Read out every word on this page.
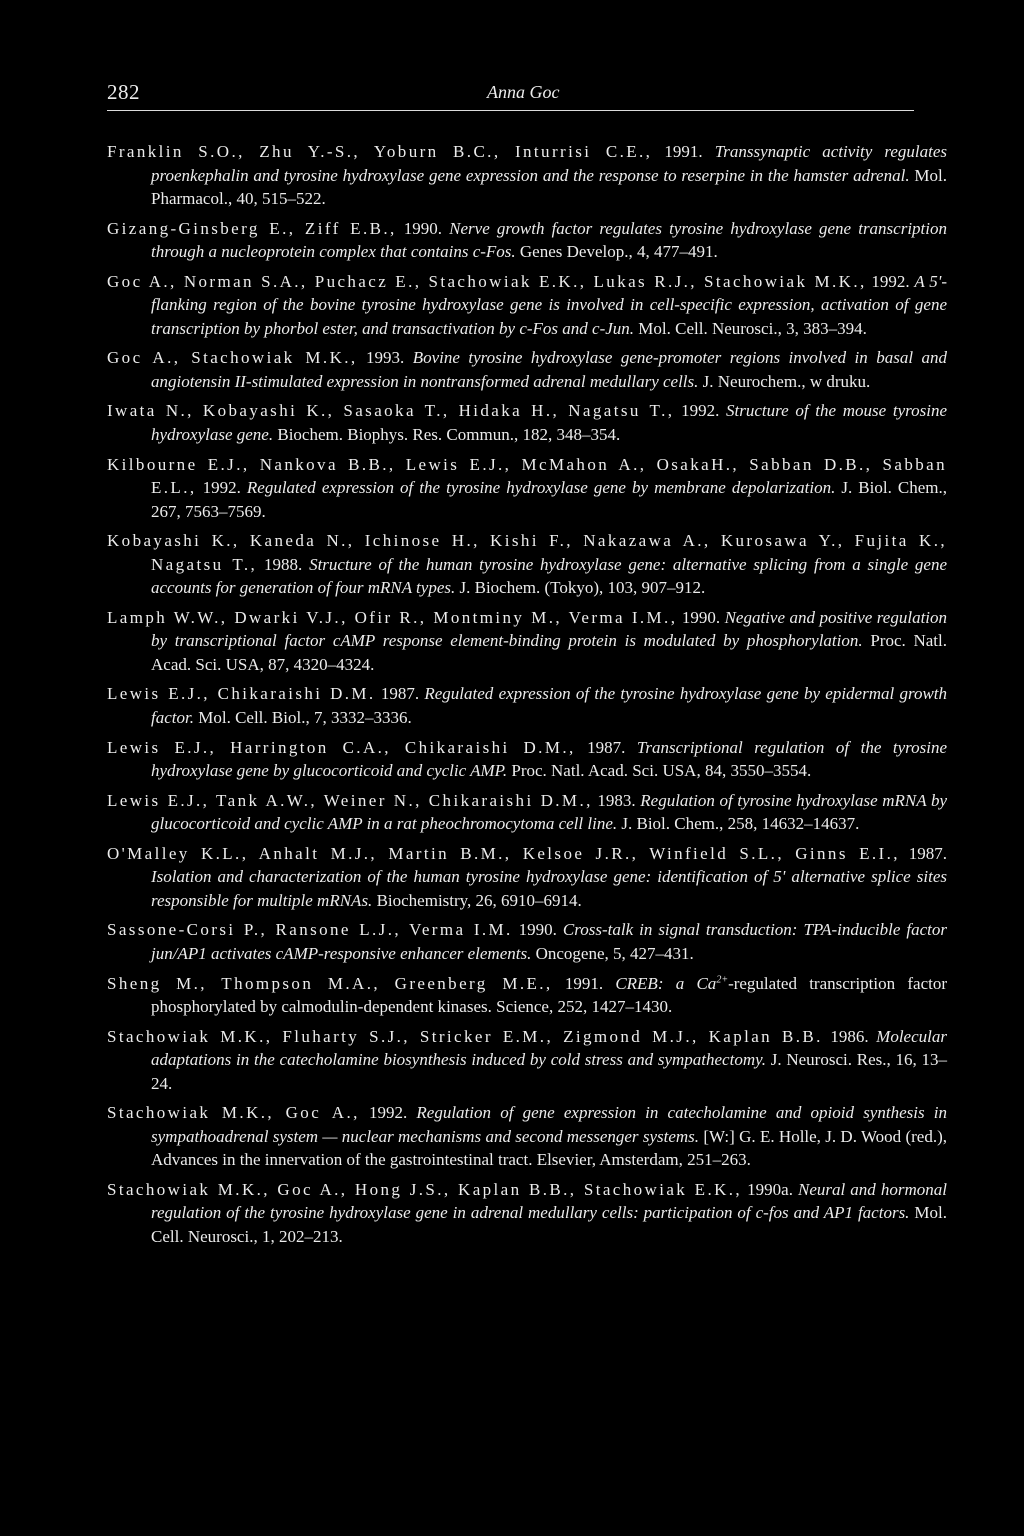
282	Anna Goc

Franklin S.O., Zhu Y.-S., Yoburn B.C., Inturrisi C.E., 1991. Transsynaptic activity regulates proenkephalin and tyrosine hydroxylase gene expression and the response to reserpine in the hamster adrenal. Mol. Pharmacol., 40, 515–522.

Gizang-Ginsberg E., Ziff E.B., 1990. Nerve growth factor regulates tyrosine hydroxylase gene transcription through a nucleoprotein complex that contains c-Fos. Genes Develop., 4, 477–491.

Goc A., Norman S.A., Puchacz E., Stachowiak E.K., Lukas R.J., Stachowiak M.K., 1992. A 5'-flanking region of the bovine tyrosine hydroxylase gene is involved in cell-specific expression, activation of gene transcription by phorbol ester, and transactivation by c-Fos and c-Jun. Mol. Cell. Neurosci., 3, 383–394.

Goc A., Stachowiak M.K., 1993. Bovine tyrosine hydroxylase gene-promoter regions involved in basal and angiotensin II-stimulated expression in nontransformed adrenal medullary cells. J. Neurochem., w druku.

Iwata N., Kobayashi K., Sasaoka T., Hidaka H., Nagatsu T., 1992. Structure of the mouse tyrosine hydroxylase gene. Biochem. Biophys. Res. Commun., 182, 348–354.

Kilbourne E.J., Nankova B.B., Lewis E.J., McMahon A., OsakaH., Sabban D.B., Sabban E.L., 1992. Regulated expression of the tyrosine hydroxylase gene by membrane depolarization. J. Biol. Chem., 267, 7563–7569.

Kobayashi K., Kaneda N., Ichinose H., Kishi F., Nakazawa A., Kurosawa Y., Fujita K., Nagatsu T., 1988. Structure of the human tyrosine hydroxylase gene: alternative splicing from a single gene accounts for generation of four mRNA types. J. Biochem. (Tokyo), 103, 907–912.

Lamph W.W., Dwarki V.J., Ofir R., Montminy M., Verma I.M., 1990. Negative and positive regulation by transcriptional factor cAMP response element-binding protein is modulated by phosphorylation. Proc. Natl. Acad. Sci. USA, 87, 4320–4324.

Lewis E.J., Chikaraishi D.M. 1987. Regulated expression of the tyrosine hydroxylase gene by epidermal growth factor. Mol. Cell. Biol., 7, 3332–3336.

Lewis E.J., Harrington C.A., Chikaraishi D.M., 1987. Transcriptional regulation of the tyrosine hydroxylase gene by glucocorticoid and cyclic AMP. Proc. Natl. Acad. Sci. USA, 84, 3550–3554.

Lewis E.J., Tank A.W., Weiner N., Chikaraishi D.M., 1983. Regulation of tyrosine hydroxylase mRNA by glucocorticoid and cyclic AMP in a rat pheochromocytoma cell line. J. Biol. Chem., 258, 14632–14637.

O'Malley K.L., Anhalt M.J., Martin B.M., Kelsoe J.R., Winfield S.L., Ginns E.I., 1987. Isolation and characterization of the human tyrosine hydroxylase gene: identification of 5' alternative splice sites responsible for multiple mRNAs. Biochemistry, 26, 6910–6914.

Sassone-Corsi P., Ransone L.J., Verma I.M. 1990. Cross-talk in signal transduction: TPA-inducible factor jun/AP1 activates cAMP-responsive enhancer elements. Oncogene, 5, 427–431.

Sheng M., Thompson M.A., Greenberg M.E., 1991. CREB: a $Ca^{2+}$-regulated transcription factor phosphorylated by calmodulin-dependent kinases. Science, 252, 1427–1430.

Stachowiak M.K., Fluharty S.J., Stricker E.M., Zigmond M.J., Kaplan B.B. 1986. Molecular adaptations in the catecholamine biosynthesis induced by cold stress and sympathectomy. J. Neurosci. Res., 16, 13–24.

Stachowiak M.K., Goc A., 1992. Regulation of gene expression in catecholamine and opioid synthesis in sympathoadrenal system — nuclear mechanisms and second messenger systems. [W:] G. E. Holle, J. D. Wood (red.), Advances in the innervation of the gastrointestinal tract. Elsevier, Amsterdam, 251–263.

Stachowiak M.K., Goc A., Hong J.S., Kaplan B.B., Stachowiak E.K., 1990a. Neural and hormonal regulation of the tyrosine hydroxylase gene in adrenal medullary cells: participation of c-fos and AP1 factors. Mol. Cell. Neurosci., 1, 202–213.
